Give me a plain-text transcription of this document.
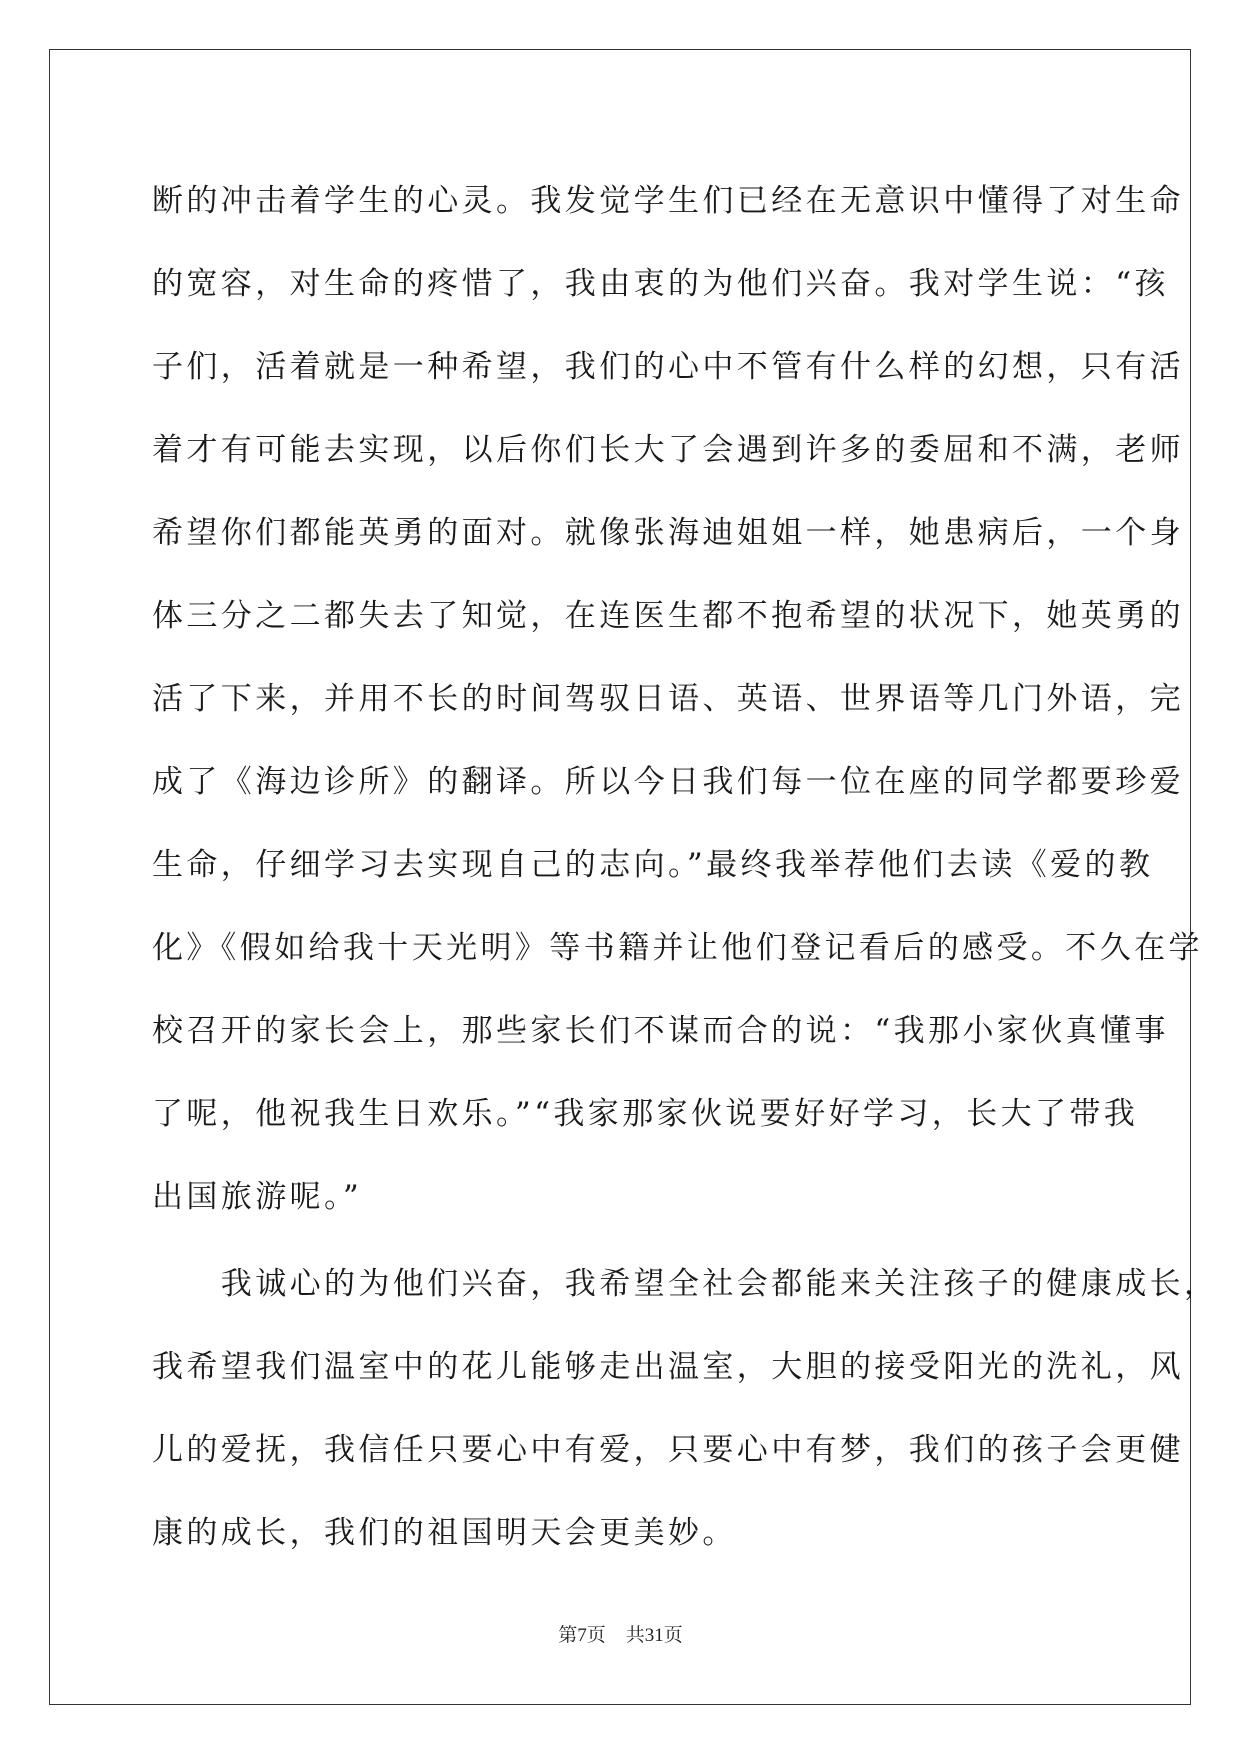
断的冲击着学生的心灵。我发觉学生们已经在无意识中懂得了对生命
的宽容，对生命的疼惜了，我由衷的为他们兴奋。我对学生说：“孩
子们，活着就是一种希望，我们的心中不管有什么样的幻想，只有活
着才有可能去实现，以后你们长大了会遇到许多的委屈和不满，老师
希望你们都能英勇的面对。就像张海迪姐姐一样，她患病后，一个身
体三分之二都失去了知觉，在连医生都不抱希望的状况下，她英勇的
活了下来，并用不长的时间驾驭日语、英语、世界语等几门外语，完
成了《海边诊所》的翻译。所以今日我们每一位在座的同学都要珍爱
生命，仔细学习去实现自己的志向。”最终我举荐他们去读《爱的教
化》《假如给我十天光明》等书籍并让他们登记看后的感受。不久在学
校召开的家长会上，那些家长们不谋而合的说：“我那小家伙真懂事
了呢，他祝我生日欢乐。”“我家那家伙说要好好学习，长大了带我
出国旅游呢。”
　　我诚心的为他们兴奋，我希望全社会都能来关注孩子的健康成长，
我希望我们温室中的花儿能够走出温室，大胆的接受阳光的洗礼，风
儿的爱抚，我信任只要心中有爱，只要心中有梦，我们的孩子会更健
康的成长，我们的祖国明天会更美妙。
第7页 共31页
